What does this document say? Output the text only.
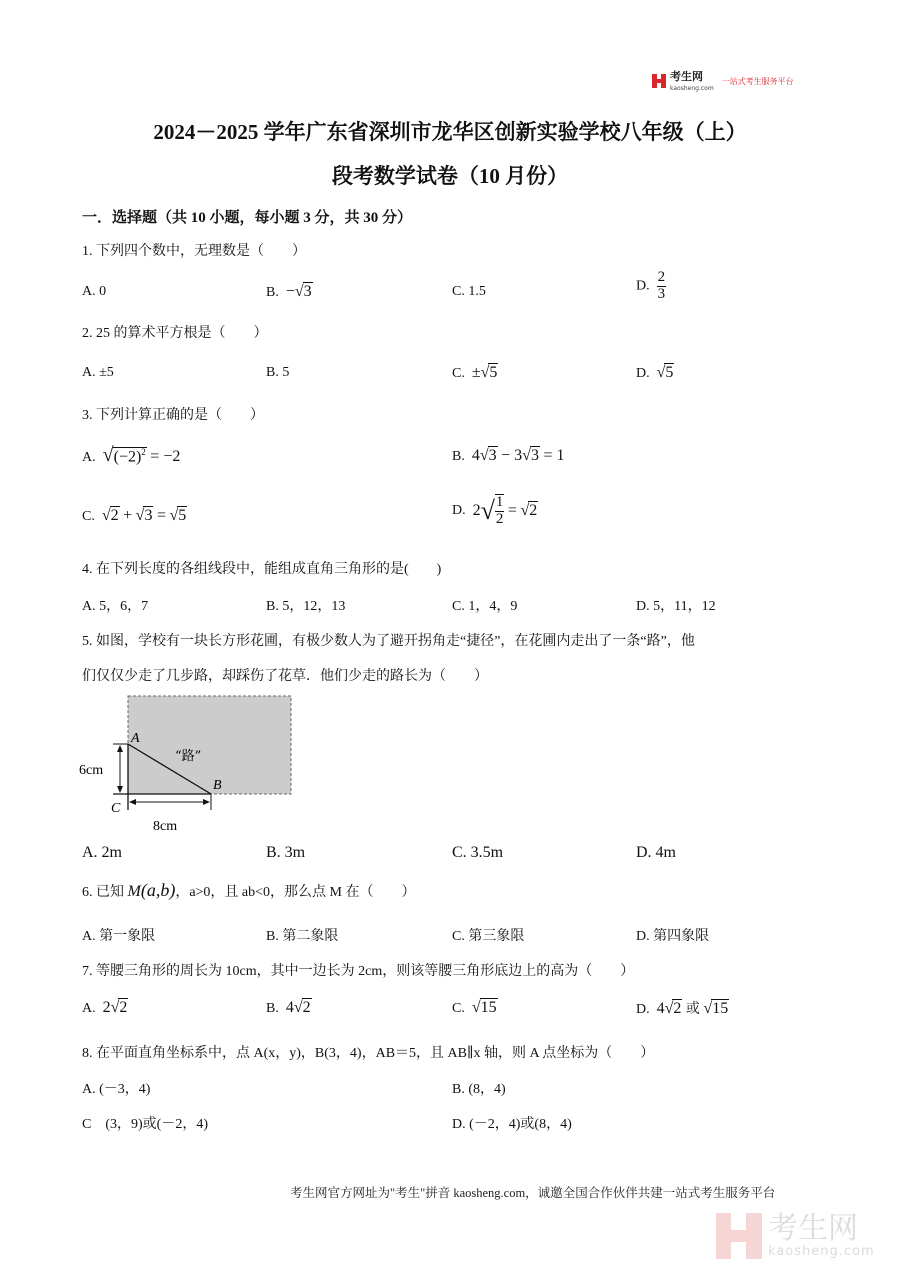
考生网
kaosheng.com
一站式考生服务平台
2024－2025 学年广东省深圳市龙华区创新实验学校八年级（上）
段考数学试卷（10 月份）
一．选择题（共 10 小题，每小题 3 分，共 30 分）
1. 下列四个数中，无理数是（　　）
A. 0	B. −√3	C. 1.5	D. $\frac{2}{3}$
2. 25 的算术平方根是（　　）
A. ±5	B. 5	C. ±√5	D. √5
3. 下列计算正确的是（　　）
A. $√(-2)^2 = -2$	B. 4√3 − 3√3 = 1
C. √2 + √3 = √5	D. $2√ \frac{1}{2} = √2$
4. 在下列长度的各组线段中，能组成直角三角形的是(　　)
A. 5，6，7	B. 5，12，13	C. 1，4，9	D. 5，11，12
5. 如图，学校有一块长方形花圃，有极少数人为了避开拐角走“捷径”，在花圃内走出了一条“路”，他
们仅仅少走了几步路，却踩伤了花草．他们少走的路长为（　　）
A
B
C
“路”
6cm
8cm
A. 2m	B. 3m	C. 3.5m	D. 4m
6. 已知 M(a,b)，a>0，且 ab<0，那么点 M 在（　　）
A. 第一象限	B. 第二象限	C. 第三象限	D. 第四象限
7. 等腰三角形的周长为 10cm，其中一边长为 2cm，则该等腰三角形底边上的高为（　　）
A. 2√2	B. 4√2	C. √15	D. 4√2 或 √15
8. 在平面直角坐标系中，点 A(x，y)，B(3，4)，AB＝5，且 AB∥x 轴，则 A 点坐标为（　　）
A. (－3，4)	B. (8，4)
C　(3，9)或(－2，4)	D. (－2，4)或(8，4)
考生网官方网址为"考生"拼音 kaosheng.com，诚邀全国合作伙伴共建一站式考生服务平台
考生网
kaosheng.com
